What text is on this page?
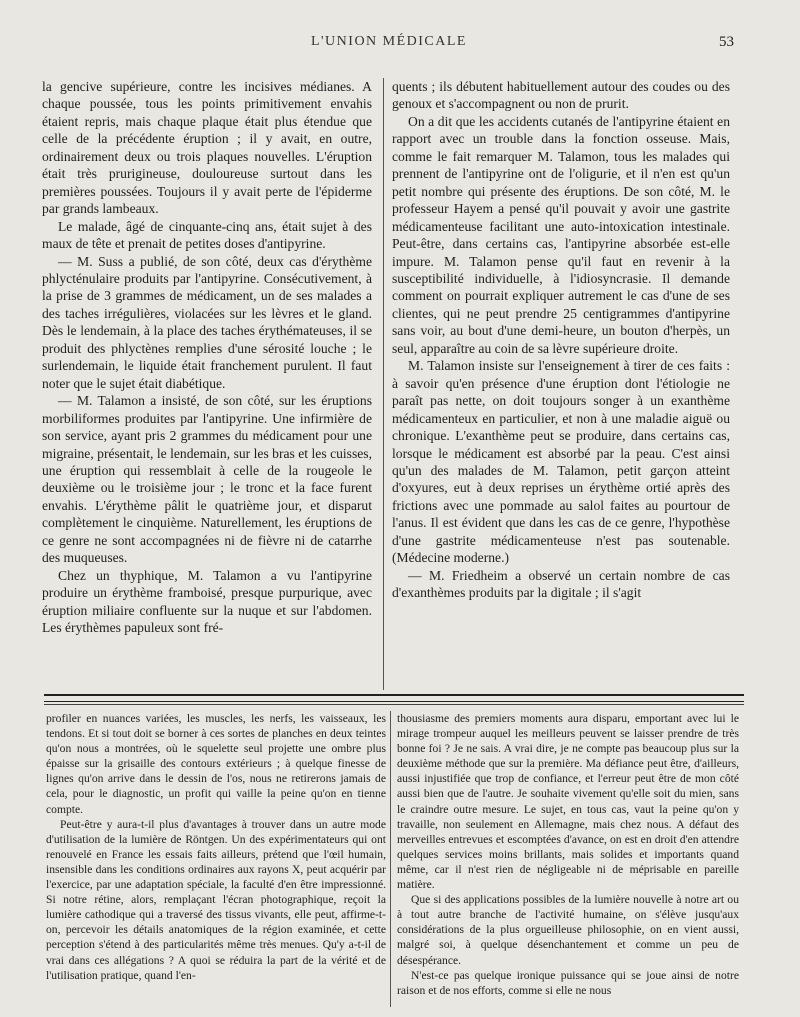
L'UNION MÉDICALE	53

la gencive supérieure, contre les incisives médianes. A chaque poussée, tous les points primitivement envahis étaient repris, mais chaque plaque était plus étendue que celle de la précédente éruption ; il y avait, en outre, ordinairement deux ou trois plaques nouvelles. L'éruption était très prurigineuse, douloureuse surtout dans les premières poussées. Toujours il y avait perte de l'épiderme par grands lambeaux.

Le malade, âgé de cinquante-cinq ans, était sujet à des maux de tête et prenait de petites doses d'antipyrine.

— M. Suss a publié, de son côté, deux cas d'érythème phlycténulaire produits par l'antipyrine. Consécutivement, à la prise de 3 grammes de médicament, un de ses malades a des taches irrégulières, violacées sur les lèvres et le gland. Dès le lendemain, à la place des taches érythémateuses, il se produit des phlyctènes remplies d'une sérosité louche ; le surlendemain, le liquide était franchement purulent. Il faut noter que le sujet était diabétique.

— M. Talamon a insisté, de son côté, sur les éruptions morbiliformes produites par l'antipyrine. Une infirmière de son service, ayant pris 2 grammes du médicament pour une migraine, présentait, le lendemain, sur les bras et les cuisses, une éruption qui ressemblait à celle de la rougeole le deuxième ou le troisième jour ; le tronc et la face furent envahis. L'érythème pâlit le quatrième jour, et disparut complètement le cinquième. Naturellement, les éruptions de ce genre ne sont accompagnées ni de fièvre ni de catarrhe des muqueuses.

Chez un thyphique, M. Talamon a vu l'antipyrine produire un érythème framboisé, presque purpurique, avec éruption miliaire confluente sur la nuque et sur l'abdomen. Les érythèmes papuleux sont fré-

quents ; ils débutent habituellement autour des coudes ou des genoux et s'accompagnent ou non de prurit.

On a dit que les accidents cutanés de l'antipyrine étaient en rapport avec un trouble dans la fonction osseuse. Mais, comme le fait remarquer M. Talamon, tous les malades qui prennent de l'antipyrine ont de l'oligurie, et il n'en est qu'un petit nombre qui présente des éruptions. De son côté, M. le professeur Hayem a pensé qu'il pouvait y avoir une gastrite médicamenteuse facilitant une auto-intoxication intestinale. Peut-être, dans certains cas, l'antipyrine absorbée est-elle impure. M. Talamon pense qu'il faut en revenir à la susceptibilité individuelle, à l'idiosyncrasie. Il demande comment on pourrait expliquer autrement le cas d'une de ses clientes, qui ne peut prendre 25 centigrammes d'antipyrine sans voir, au bout d'une demi-heure, un bouton d'herpès, un seul, apparaître au coin de sa lèvre supérieure droite.

M. Talamon insiste sur l'enseignement à tirer de ces faits : à savoir qu'en présence d'une éruption dont l'étiologie ne paraît pas nette, on doit toujours songer à un exanthème médicamenteux en particulier, et non à une maladie aiguë ou chronique. L'exanthème peut se produire, dans certains cas, lorsque le médicament est absorbé par la peau. C'est ainsi qu'un des malades de M. Talamon, petit garçon atteint d'oxyures, eut à deux reprises un érythème ortié après des frictions avec une pommade au salol faites au pourtour de l'anus. Il est évident que dans les cas de ce genre, l'hypothèse d'une gastrite médicamenteuse n'est pas soutenable. (Médecine moderne.)

— M. Friedheim a observé un certain nombre de cas d'exanthèmes produits par la digitale ; il s'agit

profiler en nuances variées, les muscles, les nerfs, les vaisseaux, les tendons. Et si tout doit se borner à ces sortes de planches en deux teintes qu'on nous a montrées, où le squelette seul projette une ombre plus épaisse sur la grisaille des contours extérieurs ; à quelque finesse de lignes qu'on arrive dans le dessin de l'os, nous ne retirerons jamais de cela, pour le diagnostic, un profit qui vaille la peine qu'on en tienne compte.

Peut-être y aura-t-il plus d'avantages à trouver dans un autre mode d'utilisation de la lumière de Röntgen. Un des expérimentateurs qui ont renouvelé en France les essais faits ailleurs, prétend que l'œil humain, insensible dans les conditions ordinaires aux rayons X, peut acquérir par l'exercice, par une adaptation spéciale, la faculté d'en être impressionné. Si notre rétine, alors, remplaçant l'écran photographique, reçoit la lumière cathodique qui a traversé des tissus vivants, elle peut, affirme-t-on, percevoir les détails anatomiques de la région examinée, et cette perception s'étend à des particularités même très menues. Qu'y a-t-il de vrai dans ces allégations ? A quoi se réduira la part de la vérité et de l'utilisation pratique, quand l'en-

thousiasme des premiers moments aura disparu, emportant avec lui le mirage trompeur auquel les meilleurs peuvent se laisser prendre de très bonne foi ? Je ne sais. A vrai dire, je ne compte pas beaucoup plus sur la deuxième méthode que sur la première. Ma défiance peut être, d'ailleurs, aussi injustifiée que trop de confiance, et l'erreur peut être de mon côté aussi bien que de l'autre. Je souhaite vivement qu'elle soit du mien, sans le craindre outre mesure. Le sujet, en tous cas, vaut la peine qu'on y travaille, non seulement en Allemagne, mais chez nous. A défaut des merveilles entrevues et escomptées d'avance, on est en droit d'en attendre quelques services moins brillants, mais solides et importants quand même, car il n'est rien de négligeable ni de méprisable en pareille matière.

Que si des applications possibles de la lumière nouvelle à notre art ou à tout autre branche de l'activité humaine, on s'élève jusqu'aux considérations de la plus orgueilleuse philosophie, on en vient aussi, malgré soi, à quelque désenchantement et comme un peu de désespérance.

N'est-ce pas quelque ironique puissance qui se joue ainsi de notre raison et de nos efforts, comme si elle ne nous
